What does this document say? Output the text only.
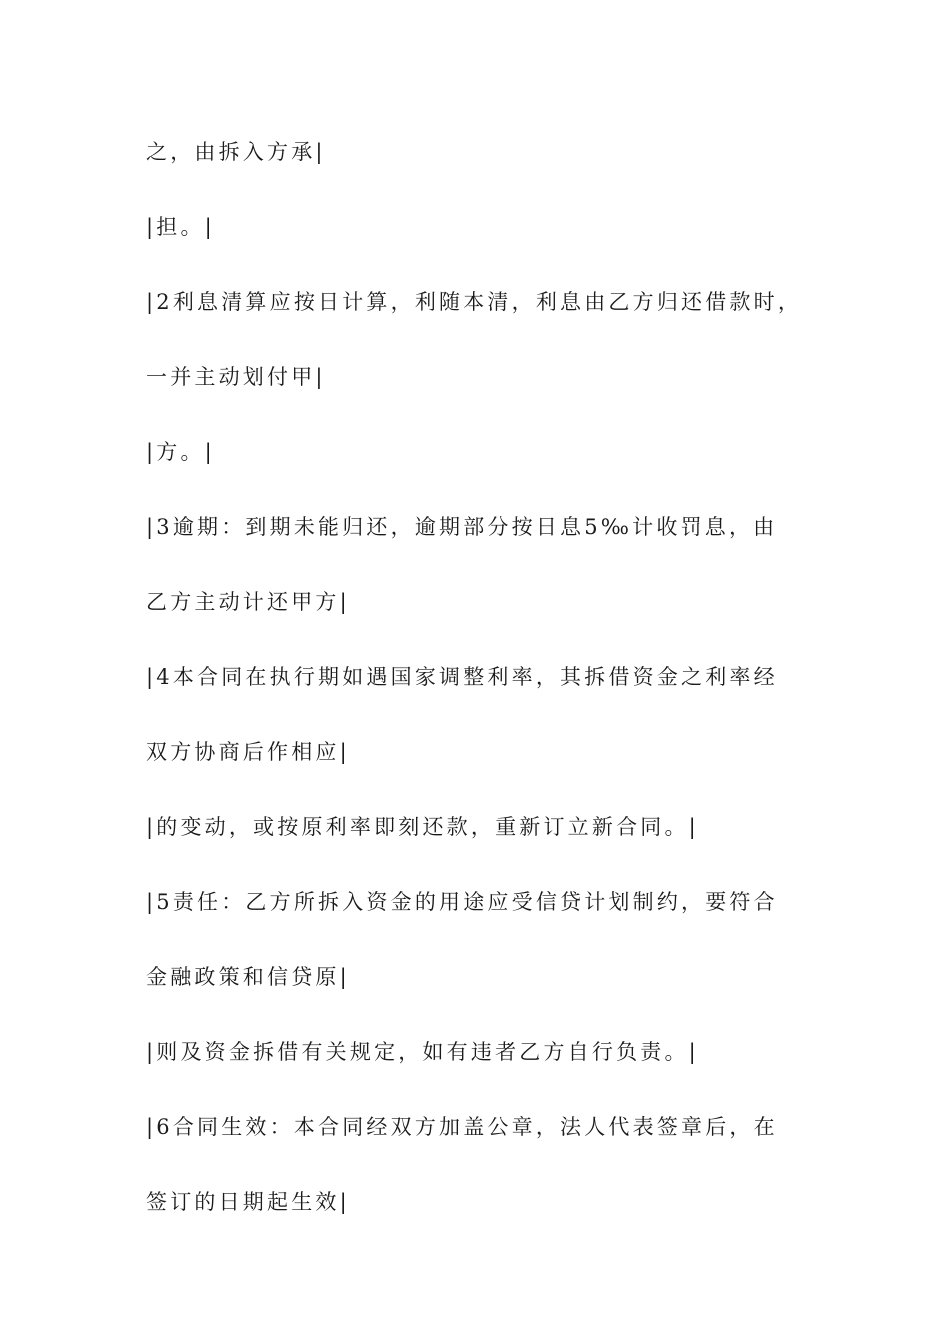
之，由拆入方承|

|担。|

|2利息清算应按日计算，利随本清，利息由乙方归还借款时，

一并主动划付甲|

|方。|

|3逾期：到期未能归还，逾期部分按日息5‰计收罚息，由

乙方主动计还甲方|

|4本合同在执行期如遇国家调整利率，其拆借资金之利率经

双方协商后作相应|

|的变动，或按原利率即刻还款，重新订立新合同。|

|5责任：乙方所拆入资金的用途应受信贷计划制约，要符合

金融政策和信贷原|

|则及资金拆借有关规定，如有违者乙方自行负责。|

|6合同生效：本合同经双方加盖公章，法人代表签章后，在

签订的日期起生效|
